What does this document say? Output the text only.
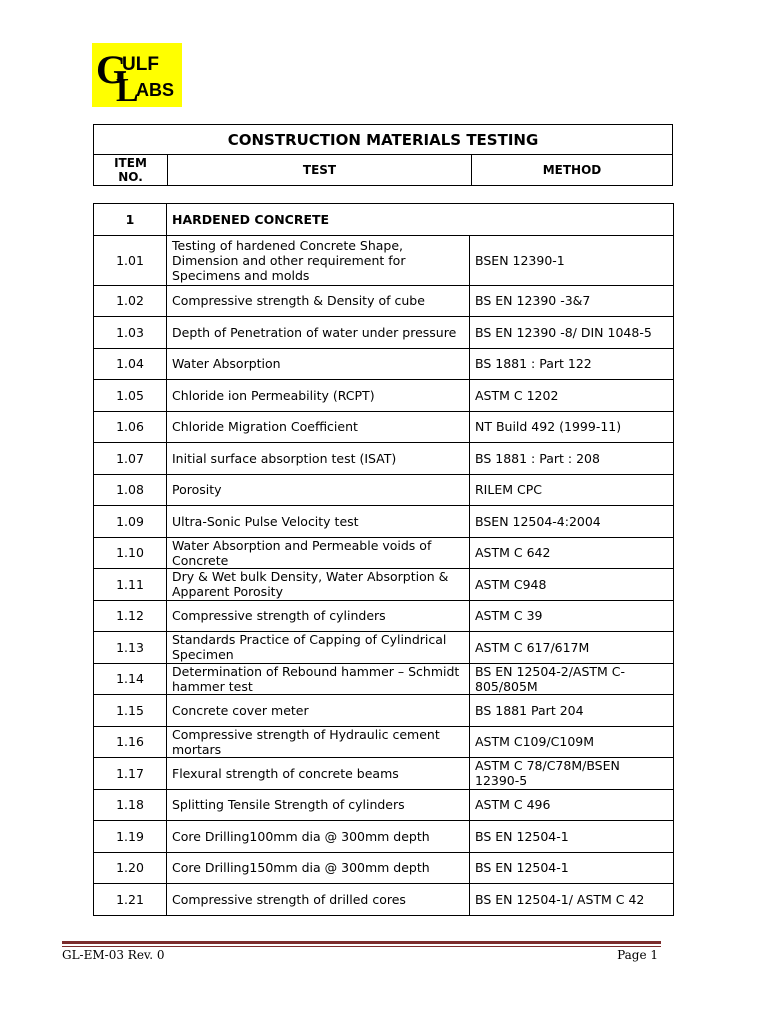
G
ULF
L
ABS
CONSTRUCTION MATERIALS TESTING

ITEM
NO.	TEST	METHOD
1	HARDENED CONCRETE	
1.01	Testing of hardened Concrete Shape, Dimension and other requirement for Specimens and molds	BSEN 12390-1
1.02	Compressive strength & Density of cube	BS EN 12390 -3&7
1.03	Depth of Penetration of water under pressure	BS EN 12390 -8/ DIN 1048-5
1.04	Water Absorption	BS 1881 : Part 122
1.05	Chloride ion Permeability (RCPT)	ASTM C 1202
1.06	Chloride Migration Coefficient	NT Build 492 (1999-11)
1.07	Initial surface absorption test (ISAT)	BS 1881 : Part : 208
1.08	Porosity	RILEM CPC
1.09	Ultra-Sonic Pulse Velocity test	BSEN 12504-4:2004
1.10	Water Absorption and Permeable voids of Concrete	ASTM C 642
1.11	Dry & Wet bulk Density, Water Absorption & Apparent Porosity	ASTM C948
1.12	Compressive strength of cylinders	ASTM C 39
1.13	Standards Practice of Capping of Cylindrical Specimen	ASTM C 617/617M
1.14	Determination of Rebound hammer – Schmidt hammer test	BS EN 12504-2/ASTM C-805/805M
1.15	Concrete cover meter	BS 1881 Part 204
1.16	Compressive strength of Hydraulic cement mortars	ASTM C109/C109M
1.17	Flexural strength of concrete beams	ASTM C 78/C78M/BSEN 12390-5
1.18	Splitting Tensile Strength of cylinders	ASTM C 496
1.19	Core Drilling100mm dia @ 300mm depth	BS EN 12504-1
1.20	Core Drilling150mm dia @ 300mm depth	BS EN 12504-1
1.21	Compressive strength of drilled cores	BS EN 12504-1/ ASTM C 42
GL-EM-03 Rev. 0	Page 1
